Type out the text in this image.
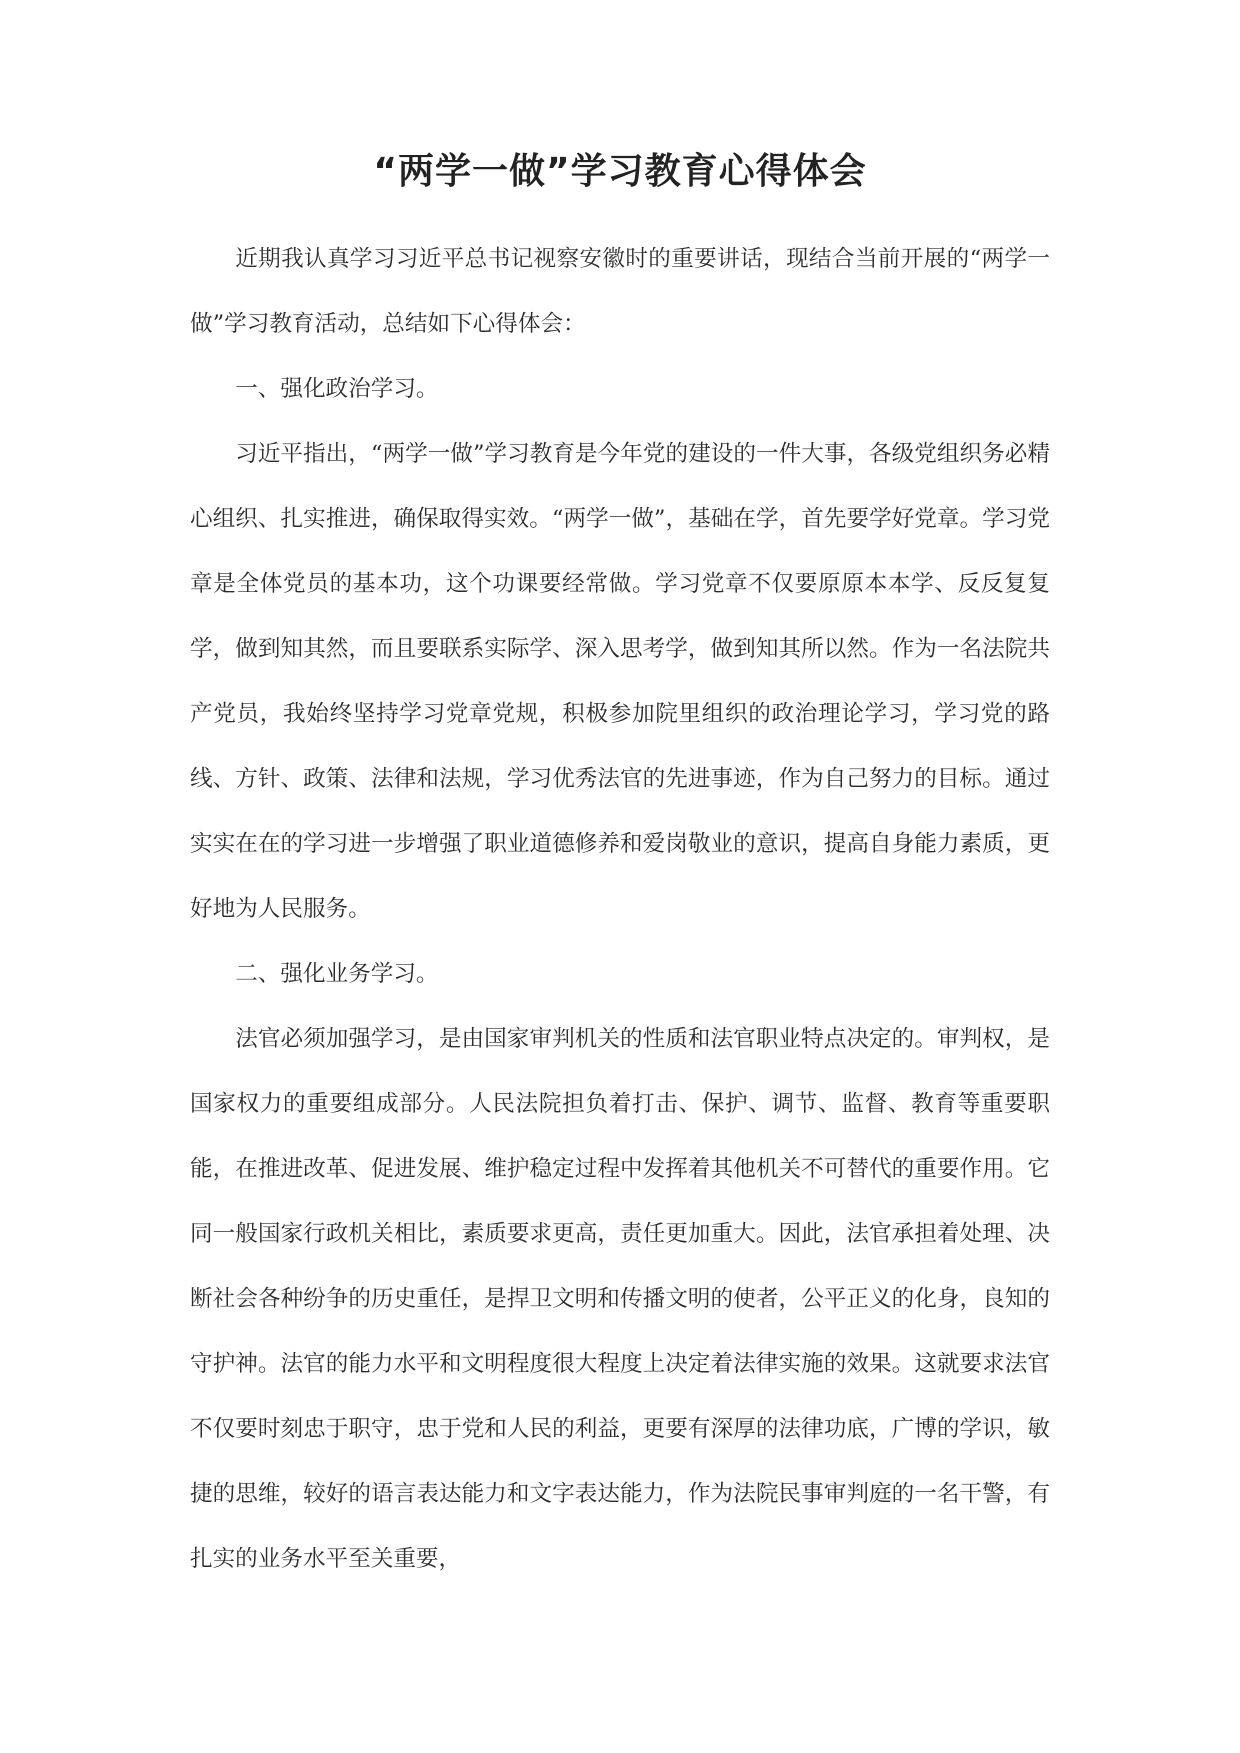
“两学一做”学习教育心得体会

近期我认真学习习近平总书记视察安徽时的重要讲话，现结合当前开展的“两学一做”学习教育活动，总结如下心得体会：

一、强化政治学习。

习近平指出，“两学一做”学习教育是今年党的建设的一件大事，各级党组织务必精心组织、扎实推进，确保取得实效。“两学一做”，基础在学，首先要学好党章。学习党章是全体党员的基本功，这个功课要经常做。学习党章不仅要原原本本学、反反复复学，做到知其然，而且要联系实际学、深入思考学，做到知其所以然。作为一名法院共产党员，我始终坚持学习党章党规，积极参加院里组织的政治理论学习，学习党的路线、方针、政策、法律和法规，学习优秀法官的先进事迹，作为自己努力的目标。通过实实在在的学习进一步增强了职业道德修养和爱岗敬业的意识，提高自身能力素质，更好地为人民服务。

二、强化业务学习。

法官必须加强学习，是由国家审判机关的性质和法官职业特点决定的。审判权，是国家权力的重要组成部分。人民法院担负着打击、保护、调节、监督、教育等重要职能，在推进改革、促进发展、维护稳定过程中发挥着其他机关不可替代的重要作用。它同一般国家行政机关相比，素质要求更高，责任更加重大。因此，法官承担着处理、决断社会各种纷争的历史重任，是捍卫文明和传播文明的使者，公平正义的化身，良知的守护神。法官的能力水平和文明程度很大程度上决定着法律实施的效果。这就要求法官不仅要时刻忠于职守，忠于党和人民的利益，更要有深厚的法律功底，广博的学识，敏捷的思维，较好的语言表达能力和文字表达能力，作为法院民事审判庭的一名干警，有扎实的业务水平至关重要，
